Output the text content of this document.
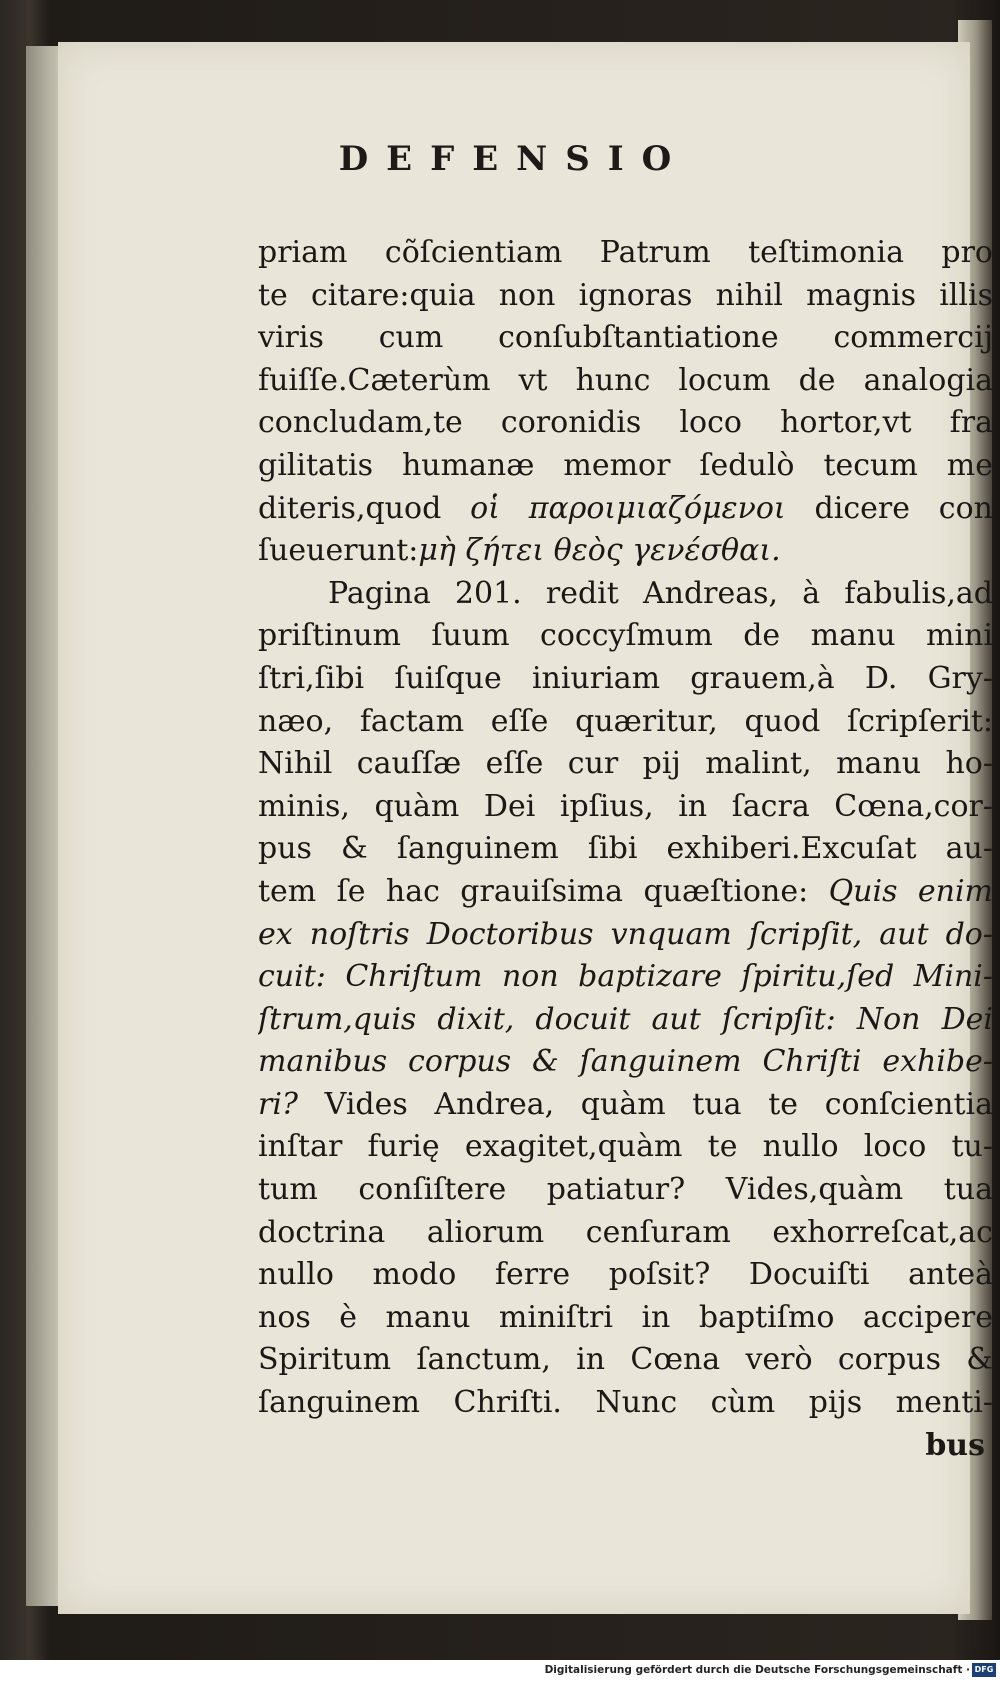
DEFENSIO
priam cõſcientiam Patrum teſtimonia pro
te citare:quia non ignoras nihil magnis illis
viris cum conſubſtantiatione commercij
fuiſſe.Cæterùm vt hunc locum de analogia
concludam,te coronidis loco hortor,vt fra
gilitatis humanæ memor ſedulò tecum me
diteris,quod οἱ παροιμιαζόμενοι dicere con
ſueuerunt:μὴ ζήτει θεὸς γενέσθαι.
Pagina 201. redit Andreas, à fabulis,ad
priſtinum ſuum coccyſmum de manu mini
ſtri,ſibi ſuiſque iniuriam grauem,à D. Gry-
næo, factam eſſe quæritur, quod ſcripſerit:
Nihil cauſſæ eſſe cur pij malint, manu ho-
minis, quàm Dei ipſius, in ſacra Cœna,cor-
pus & ſanguinem ſibi exhiberi.Excuſat au-
tem ſe hac grauiſsima quæſtione: Quis enim
ex noſtris Doctoribus vnquam ſcripſit, aut do-
cuit: Chriſtum non baptizare ſpiritu,ſed Mini-
ſtrum,quis dixit, docuit aut ſcripſit: Non Dei
manibus corpus & ſanguinem Chriſti exhibe-
ri? Vides Andrea, quàm tua te conſcientia
inſtar furię exagitet,quàm te nullo loco tu-
tum conſiſtere patiatur? Vides,quàm tua
doctrina aliorum cenſuram exhorreſcat,ac
nullo modo ferre poſsit? Docuiſti anteà
nos è manu miniſtri in baptiſmo accipere
Spiritum ſanctum, in Cœna verò corpus &
ſanguinem Chriſti. Nunc cùm pijs menti-
bus
Digitalisierung gefördert durch die Deutsche Forschungsgemeinschaft · DFG
